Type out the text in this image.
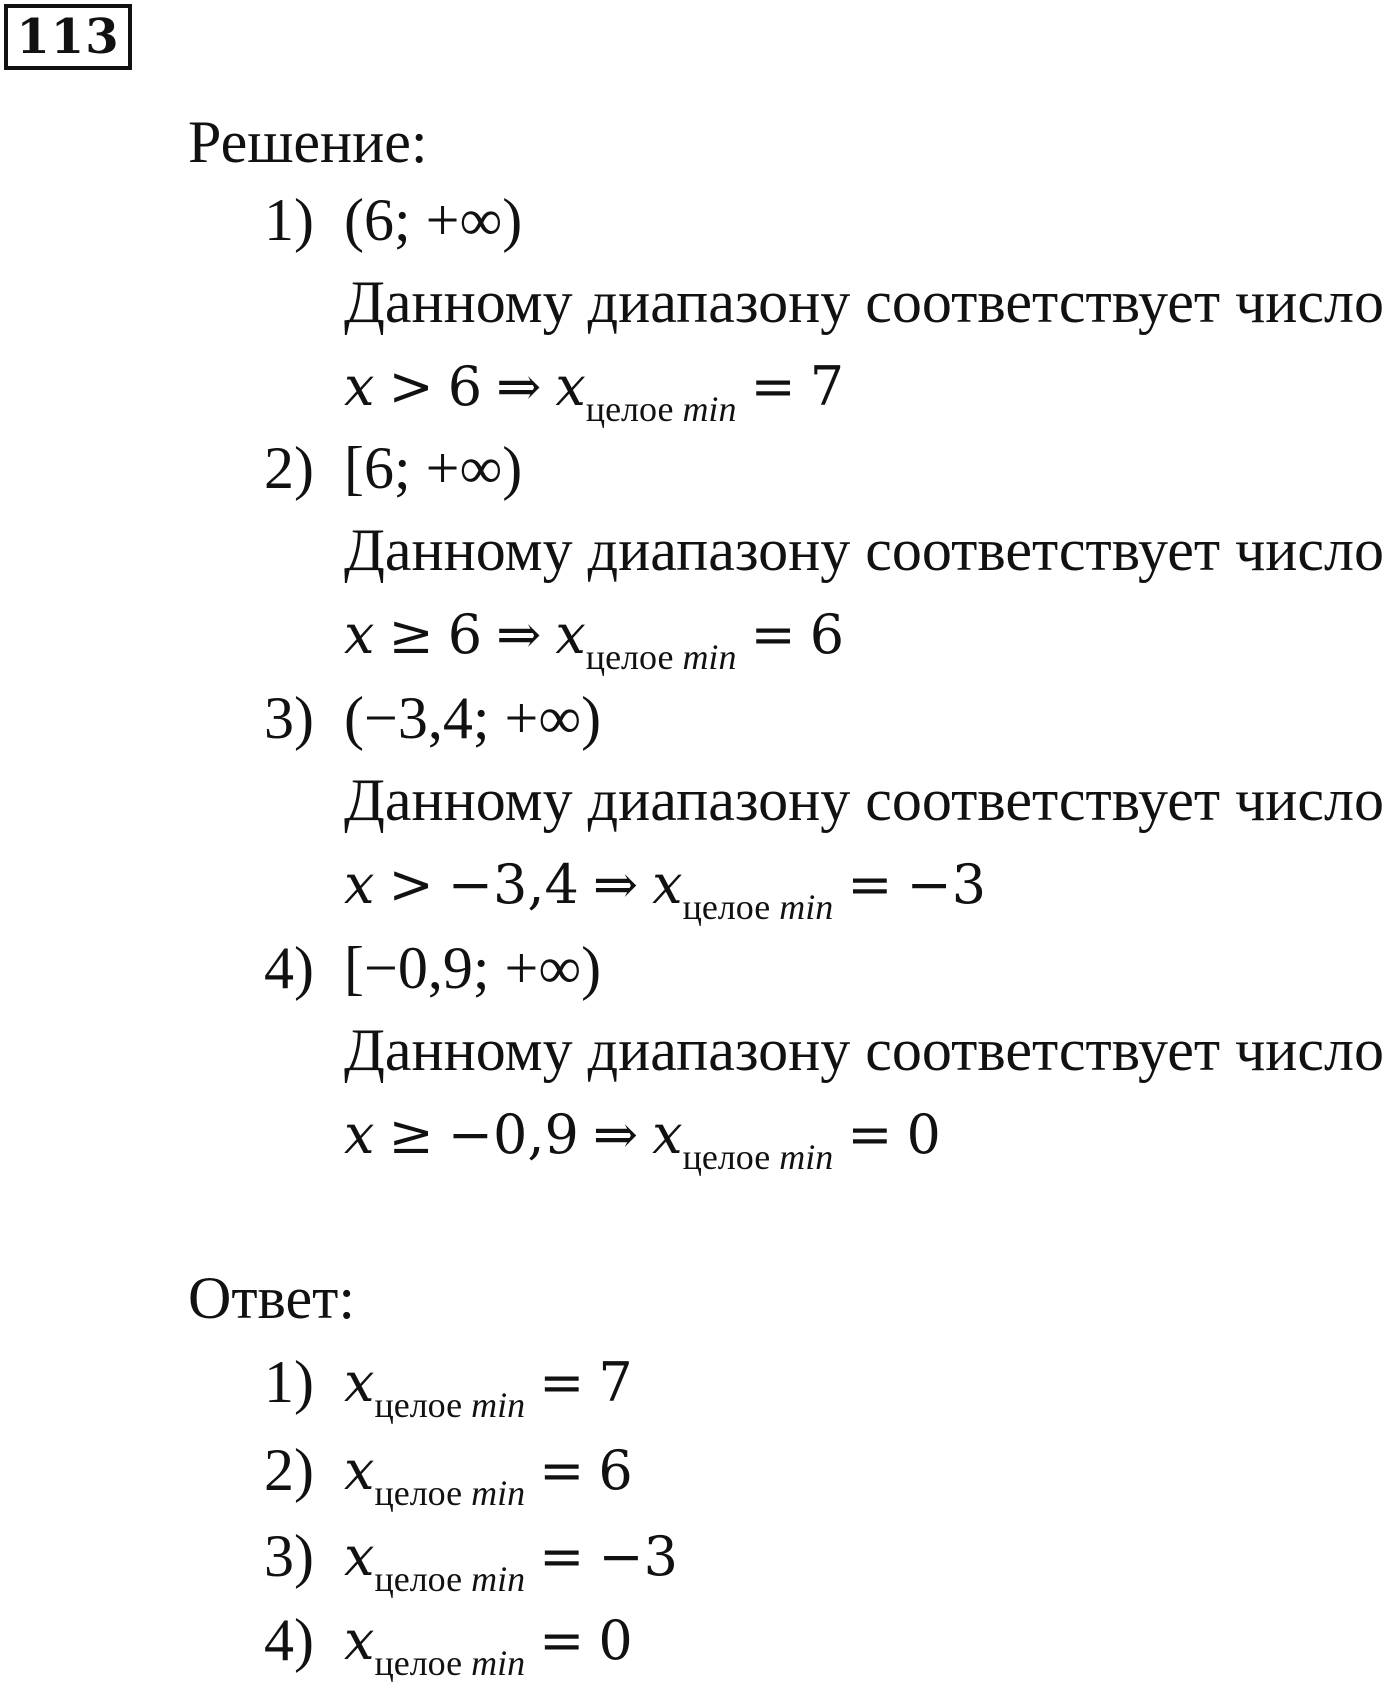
113
Решение:
1) (6; +∞)
Данному диапазону соответствует число
x > 6 ⇒ $x_{целое min} = 7$
2) [6; +∞)
Данному диапазону соответствует число
x ≥ 6 ⇒ $x_{целое min} = 6$
3) (−3,4; +∞)
Данному диапазону соответствует число
x > −3,4 ⇒ $x_{целое min} = -3$
4) [−0,9; +∞)
Данному диапазону соответствует число
x ≥ −0,9 ⇒ $x_{целое min} = 0$
Ответ:
1) $x_{целое min} = 7$
2) $x_{целое min} = 6$
3) $x_{целое min} = -3$
4) $x_{целое min} = 0$
